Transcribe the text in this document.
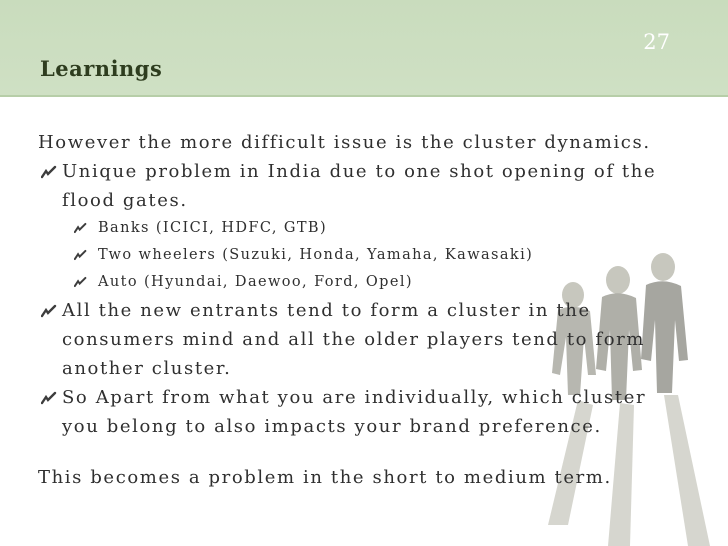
27
Learnings

However the more difficult issue is the cluster dynamics.

Unique problem in India due to one shot opening of the flood gates.
Banks (ICICI, HDFC, GTB)
Two wheelers (Suzuki, Honda, Yamaha, Kawasaki)
Auto (Hyundai, Daewoo, Ford, Opel)
All the new entrants tend to form a cluster in the consumers mind and all the older players tend to form another cluster.
So Apart from what you are individually, which cluster you belong to also impacts your brand preference.

This becomes a problem in the short to medium term.
